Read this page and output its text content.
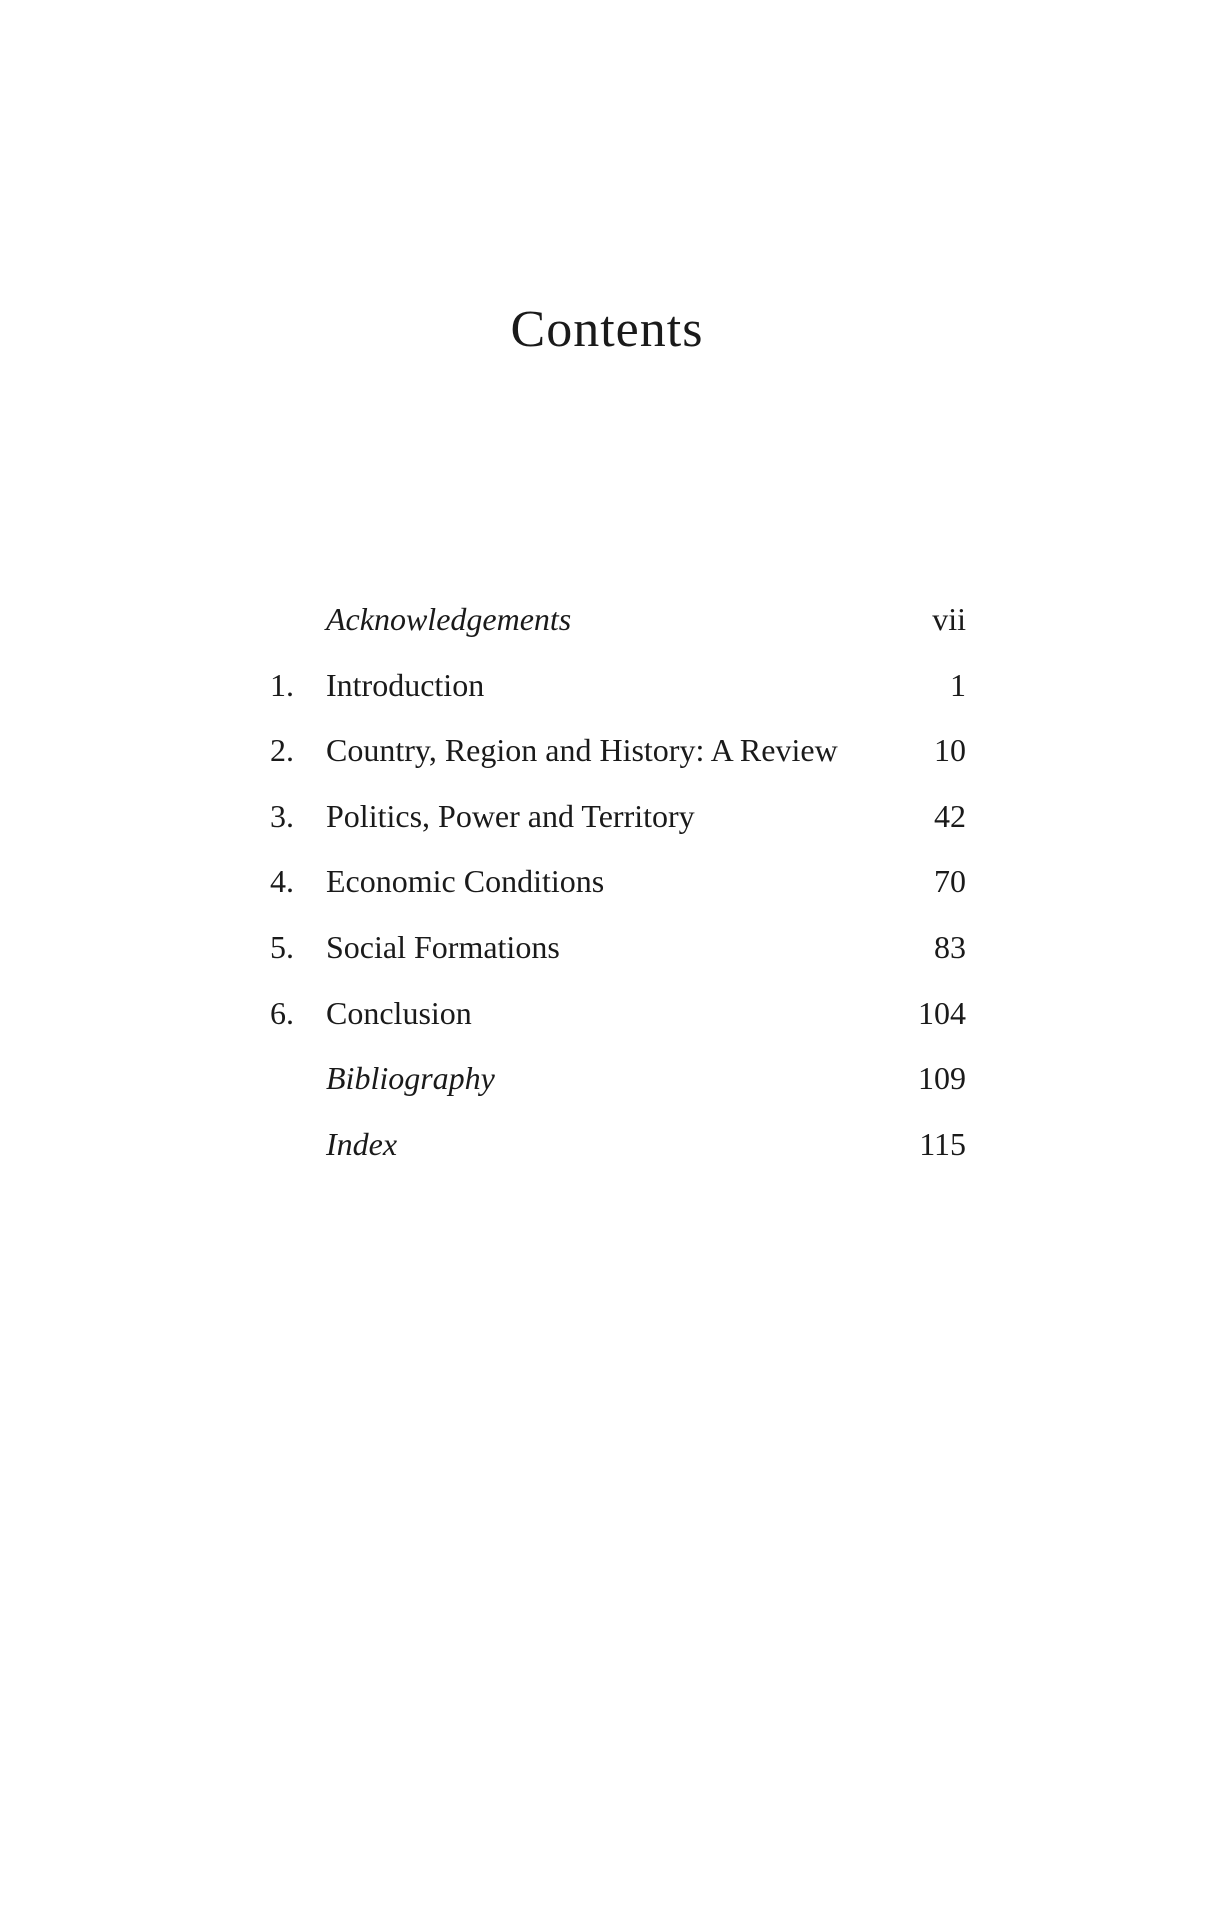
Contents
Acknowledgements	vii
1. Introduction	1
2. Country, Region and History: A Review	10
3. Politics, Power and Territory	42
4. Economic Conditions	70
5. Social Formations	83
6. Conclusion	104
Bibliography	109
Index	115
